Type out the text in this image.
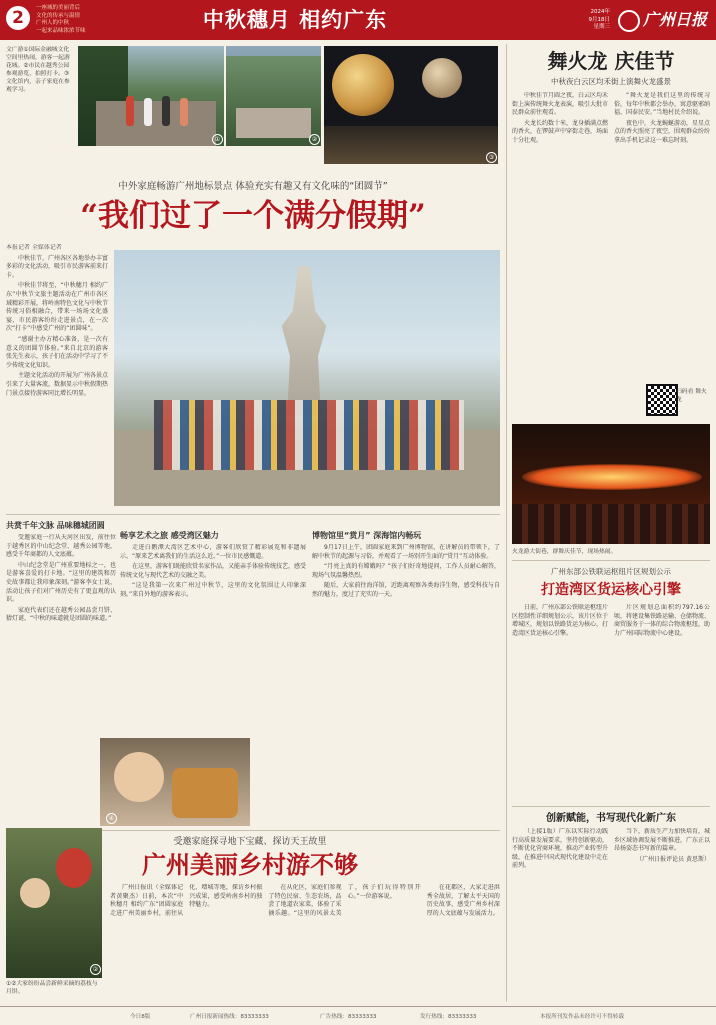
2	一座城的美丽背后
文化的传承与温情
广州人的中秋
一起来品味浓浓节味	中秋穗月 相约广东	2024年
9月18日
星期三	广州日报
文广游①国际金融城文化空间里热闹，游客一起游花城。②市民在越秀公园参观游览，拍照打卡。③文化馆内，亲子家庭在参观学习。
①	②
③
中外家庭畅游广州地标景点 体验充实有趣又有文化味的“团圆节”
“我们过了一个满分假期”

本报记者 全媒体记者

中秋佳节，广州各区各地举办丰富多彩的文化活动，吸引市民游客前来打卡。

中秋佳节将至，“中秋穗月 相约广东”中秋节文旅主题活动在广州市各区域精彩开展，将岭南特色文化与中秋节传统习俗相融合，带来一场场文化盛宴，市民游客纷纷走进景点，在一次次“打卡”中感受广州的“团圆味”。

“感谢主办方精心准备，是一次有意义的团圆节体验。”来自北京的游客张先生表示，孩子们在活动中学习了不少传统文化知识。

主题文化活动的开展为广州各景点引来了大量客流，数据显示中秋假期热门景点接待游客同比增长明显。

共赏千年文脉 品味穗城团圆

受邀家庭一行从天河区出发，前往位于越秀区的中山纪念堂、越秀公园等地，感受千年商都的人文底蕴。

中山纪念堂是广州重要地标之一，也是游客喜爱的打卡地。“这里的建筑和历史故事都让我印象深刻。”游客李女士说，活动让孩子们对广州历史有了更直观的认识。

家庭代表们还在越秀公园品尝月饼、猜灯谜，“中秋的味道就是团圆的味道。”

畅享艺术之旅 感受湾区魅力

走进白鹅潭大湾区艺术中心，游客们欣赏了精彩展览和非遗展示。“原来艺术离我们的生活这么近。”一位市民感慨道。

在这里，游客们既能欣赏名家作品，又能亲手体验传统技艺，感受传统文化与现代艺术的交融之美。

“这是我第一次来广州过中秋节，这里的文化氛围让人印象深刻。”来自外地的游客表示。

博物馆里“赏月” 深海馆内畅玩

9月17日上午，团圆家庭来到广州博物馆，在讲解员的带领下，了解中秋节的起源与习俗，并观看了一场别开生面的“赏月”互动体验。

“月亮上真的有嫦娥吗？”孩子们好奇地提问，工作人员耐心解答，现场气氛温馨热烈。

随后，大家前往海洋馆，近距离观察各类海洋生物，感受科技与自然的魅力，度过了充实的一天。

④
受邀家庭探寻地下宝藏、探访天王故里
广州美丽乡村游不够
②
①②大家纷纷品尝新鲜采摘的荔枝与月饼。

广州日报讯（全媒体记者黄聚杰）日前，本次“中秋穗月 相约广东”团圆家庭走进广州美丽乡村，前往从化、增城等地，探访乡村振兴成果，感受岭南乡村的独特魅力。

在从化区，家庭们参观了特色民宿、生态农场，品尝了地道农家菜，体验了采摘乐趣。“这里的风景太美了，孩子们玩得特别开心。”一位游客说。

在花都区，大家走进洪秀全故居，了解太平天国的历史故事，感受广州乡村深厚的人文底蕴与发展活力。

舞火龙 庆佳节
中秋夜白云区均禾街上演舞火龙盛景

中秋佳节月圆之夜，白云区均禾街上演传统舞火龙表演，吸引大批市民群众前往观看。

火龙长约数十米，龙身插满点燃的香火，在锣鼓声中穿街走巷，场面十分壮观。

“舞火龙是我们这里的传统习俗，每年中秋都会举办，寓意驱邪纳福、国泰民安。”当地村民介绍说。

夜色中，火龙蜿蜒游动，星星点点的香火照亮了夜空，围观群众纷纷拿出手机记录这一难忘时刻。

扫码看 舞火龙
火龙游大街巷，群舞庆佳节，现场热闹。
广州东部公铁联运枢纽片区规划公示
打造湾区货运核心引擎

日前，广州东部公铁联运枢纽片区控制性详细规划公示，该片区位于增城区，规划以铁路货运为核心，打造湾区货运核心引擎。

片区规划总面积约797.16公顷，将建设集铁路运输、仓储物流、商贸服务于一体的综合物流枢纽，助力广州国际物流中心建设。

创新赋能，书写现代化新广东

（上接1版）广东以实际行动践行高质量发展要求，坚持创新驱动，不断优化营商环境，推动产业转型升级，在推进中国式现代化建设中走在前列。

当下，新质生产力加快培育，城乡区域协调发展不断推进，广东正以昂扬姿态书写新的篇章。

（广州日报评论员 黄思斯）

今日8版	广州日报新闻热线：83333333	广告热线：83333333	发行热线：83333333	本报所刊发作品未经许可不得转载
